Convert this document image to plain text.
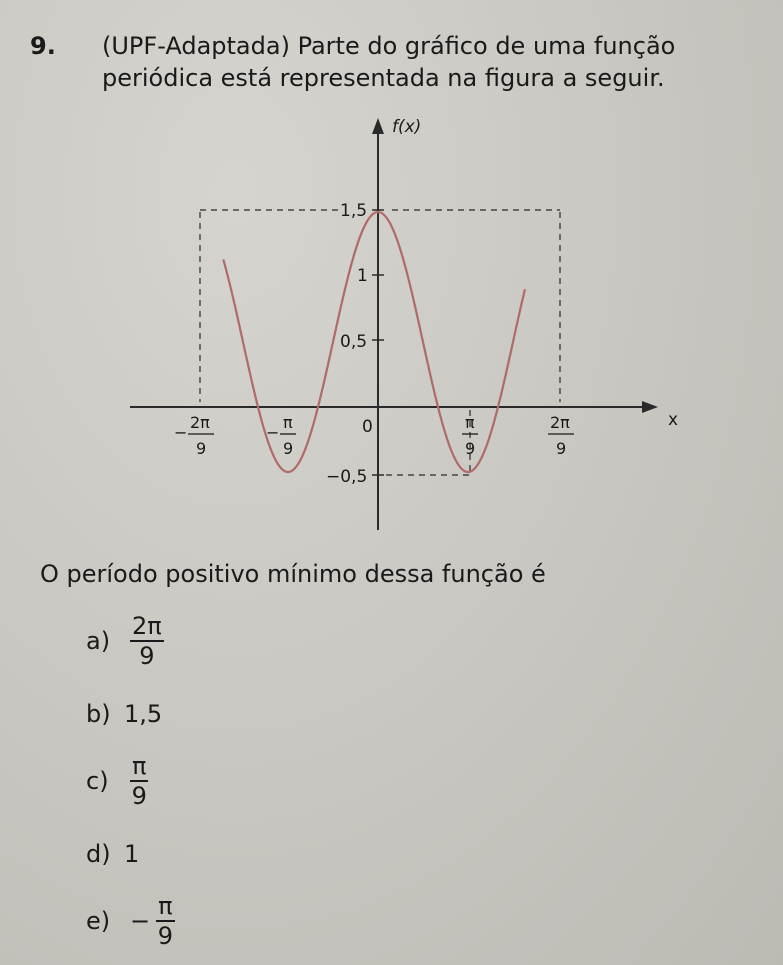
9. (UPF-Adaptada) Parte do gráfico de uma função
periódica está representada na figura a seguir.
f(x)
x
1,5
1
0,5
0
−0,5
−
2π
9
−
π
9
π
9
2π
9
O período positivo mínimo dessa função é
$a) \frac{2\pi}{9}$
b) 1,5
$c) \frac{\pi}{9}$
d) 1
$e) - \frac{\pi}{9}$
